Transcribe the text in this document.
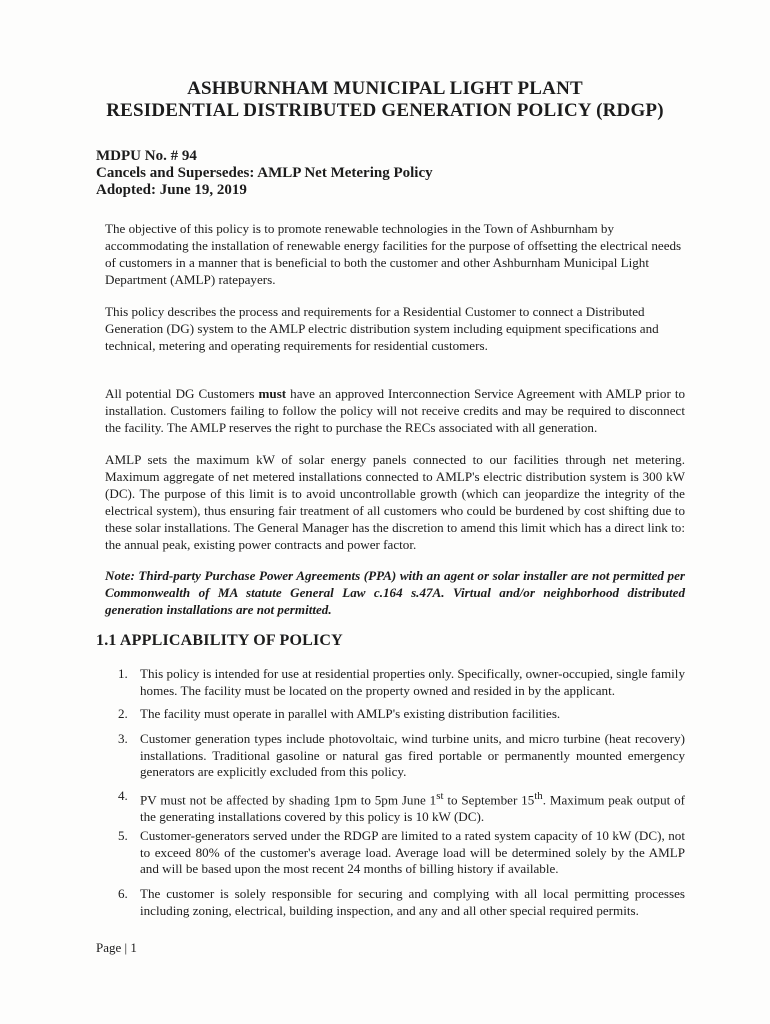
ASHBURNHAM MUNICIPAL LIGHT PLANT
RESIDENTIAL DISTRIBUTED GENERATION POLICY (RDGP)
MDPU No. # 94
Cancels and Supersedes: AMLP Net Metering Policy
Adopted: June 19, 2019
The objective of this policy is to promote renewable technologies in the Town of Ashburnham by accommodating the installation of renewable energy facilities for the purpose of offsetting the electrical needs of customers in a manner that is beneficial to both the customer and other Ashburnham Municipal Light Department (AMLP) ratepayers.
This policy describes the process and requirements for a Residential Customer to connect a Distributed Generation (DG) system to the AMLP electric distribution system including equipment specifications and technical, metering and operating requirements for residential customers.
All potential DG Customers must have an approved Interconnection Service Agreement with AMLP prior to installation. Customers failing to follow the policy will not receive credits and may be required to disconnect the facility. The AMLP reserves the right to purchase the RECs associated with all generation.
AMLP sets the maximum kW of solar energy panels connected to our facilities through net metering. Maximum aggregate of net metered installations connected to AMLP's electric distribution system is 300 kW (DC). The purpose of this limit is to avoid uncontrollable growth (which can jeopardize the integrity of the electrical system), thus ensuring fair treatment of all customers who could be burdened by cost shifting due to these solar installations. The General Manager has the discretion to amend this limit which has a direct link to: the annual peak, existing power contracts and power factor.
Note: Third-party Purchase Power Agreements (PPA) with an agent or solar installer are not permitted per Commonwealth of MA statute General Law c.164 s.47A. Virtual and/or neighborhood distributed generation installations are not permitted.
1.1 APPLICABILITY OF POLICY
1. This policy is intended for use at residential properties only. Specifically, owner-occupied, single family homes. The facility must be located on the property owned and resided in by the applicant.
2. The facility must operate in parallel with AMLP's existing distribution facilities.
3. Customer generation types include photovoltaic, wind turbine units, and micro turbine (heat recovery) installations. Traditional gasoline or natural gas fired portable or permanently mounted emergency generators are explicitly excluded from this policy.
4. PV must not be affected by shading 1pm to 5pm June 1st to September 15th. Maximum peak output of the generating installations covered by this policy is 10 kW (DC).
5. Customer-generators served under the RDGP are limited to a rated system capacity of 10 kW (DC), not to exceed 80% of the customer's average load. Average load will be determined solely by the AMLP and will be based upon the most recent 24 months of billing history if available.
6. The customer is solely responsible for securing and complying with all local permitting processes including zoning, electrical, building inspection, and any and all other special required permits.
Page | 1
